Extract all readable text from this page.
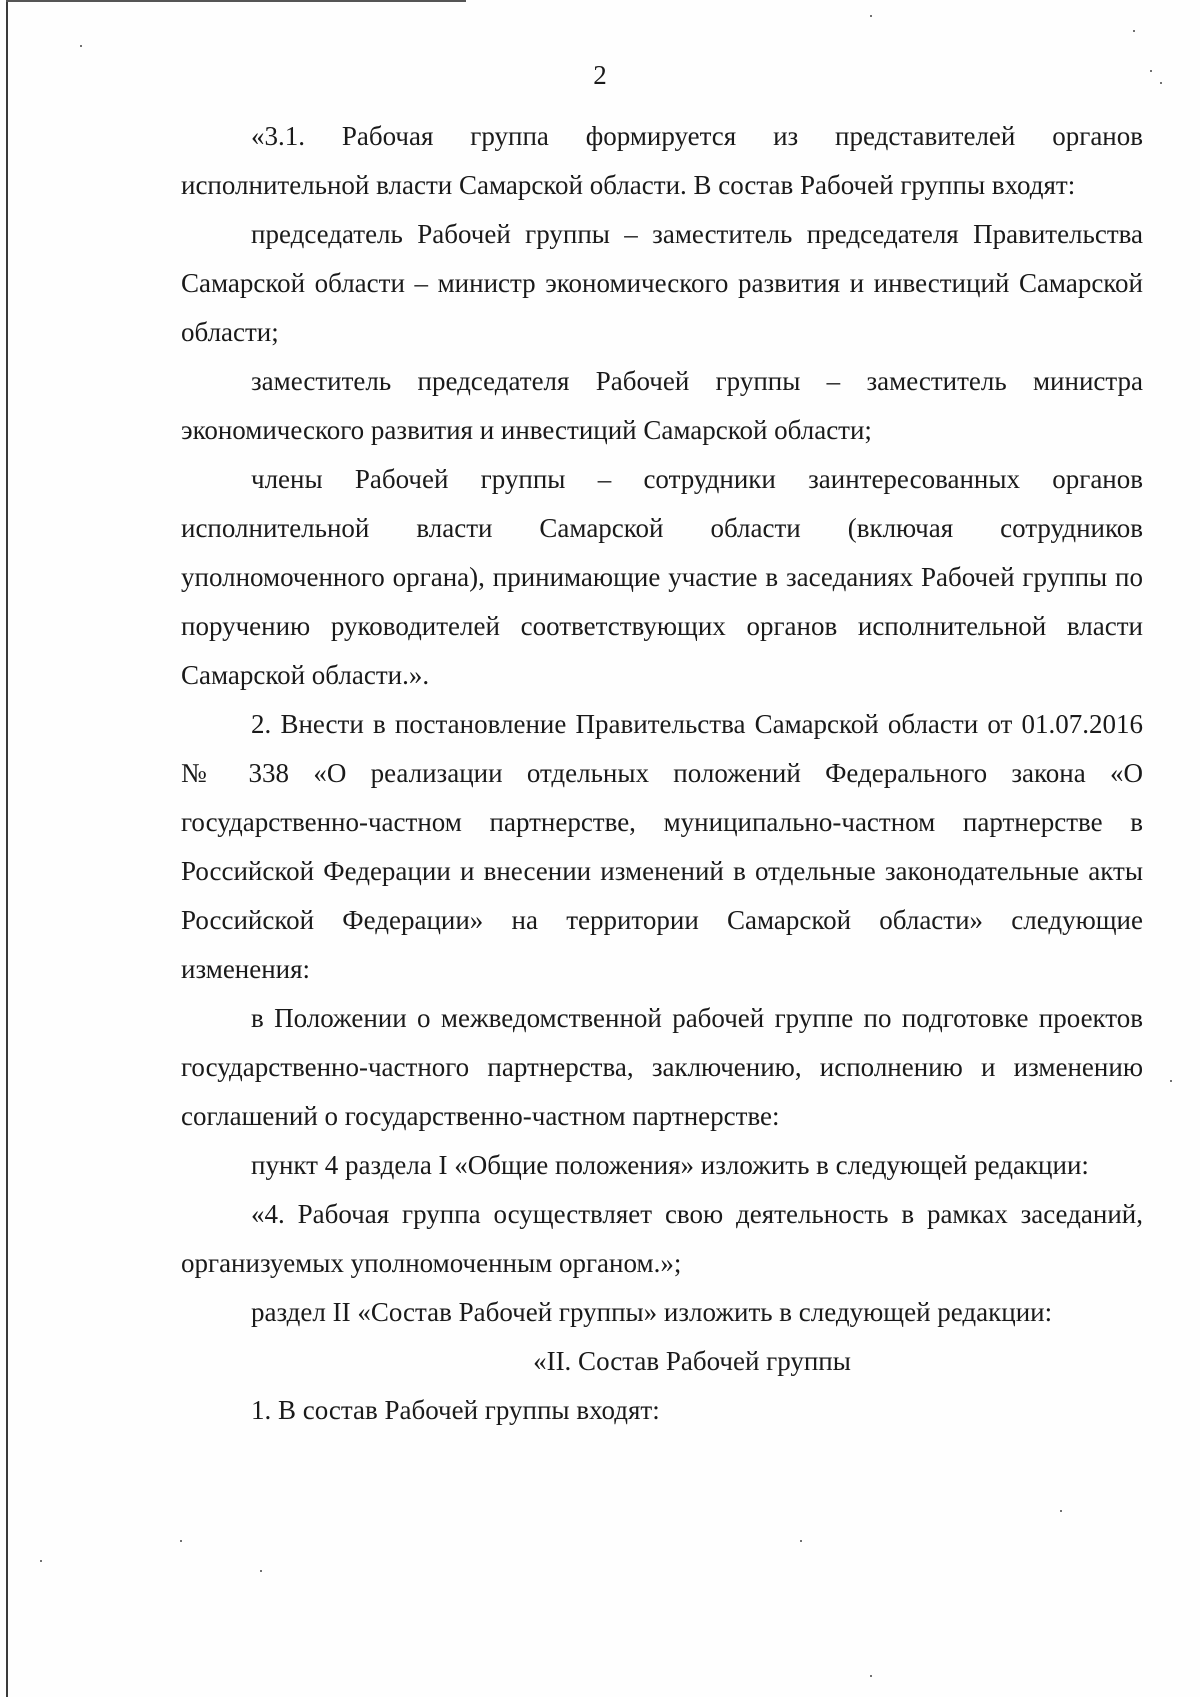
2

«3.1. Рабочая группа формируется из представителей органов исполнительной власти Самарской области. В состав Рабочей группы входят:

председатель Рабочей группы – заместитель председателя Правительства Самарской области – министр экономического развития и инвестиций Самарской области;

заместитель председателя Рабочей группы – заместитель министра экономического развития и инвестиций Самарской области;

члены Рабочей группы – сотрудники заинтересованных органов исполнительной власти Самарской области (включая сотрудников уполномоченного органа), принимающие участие в заседаниях Рабочей группы по поручению руководителей соответствующих органов исполнительной власти Самарской области.».

2. Внести в постановление Правительства Самарской области от 01.07.2016 № 338 «О реализации отдельных положений Федерального закона «О государственно-частном партнерстве, муниципально-частном партнерстве в Российской Федерации и внесении изменений в отдельные законодательные акты Российской Федерации» на территории Самарской области» следующие изменения:

в Положении о межведомственной рабочей группе по подготовке проектов государственно-частного партнерства, заключению, исполнению и изменению соглашений о государственно-частном партнерстве:

пункт 4 раздела I «Общие положения» изложить в следующей редакции:

«4. Рабочая группа осуществляет свою деятельность в рамках заседаний, организуемых уполномоченным органом.»;

раздел II «Состав Рабочей группы» изложить в следующей редакции:

«II. Состав Рабочей группы

1. В состав Рабочей группы входят:
